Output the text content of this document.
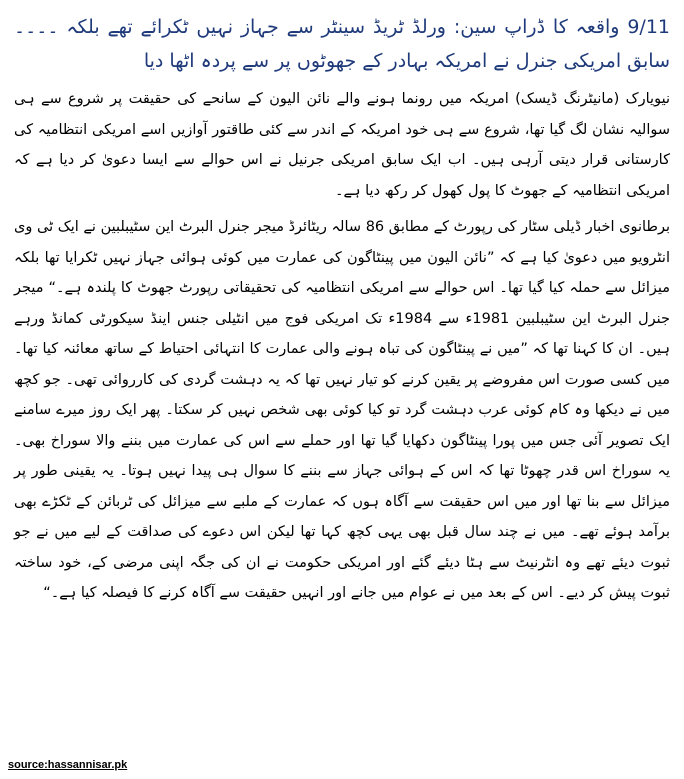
9/11 واقعہ کا ڈراپ سین: ورلڈ ٹریڈ سینٹر سے جہاز نہیں ٹکرائے تھے بلکہ ۔۔۔۔ سابق امریکی جنرل نے امریکہ بہادر کے جھوٹوں پر سے پردہ اٹھا دیا
نیویارک (مانیٹرنگ ڈیسک) امریکہ میں رونما ہونے والے نائن الیون کے سانحے کی حقیقت پر شروع سے ہی سوالیہ نشان لگ گیا تھا، شروع سے ہی خود امریکہ کے اندر سے کئی طاقتور آوازیں اسے امریکی انتظامیہ کی کارستانی قرار دیتی آرہی ہیں۔ اب ایک سابق امریکی جرنیل نے اس حوالے سے ایسا دعویٰ کر دیا ہے کہ امریکی انتظامیہ کے جھوٹ کا پول کھول کر رکھ دیا ہے۔
برطانوی اخبار ڈیلی سٹار کی رپورٹ کے مطابق 86 سالہ ریٹائرڈ میجر جنرل البرٹ این سٹیبلبین نے ایک ٹی وی انٹرویو میں دعویٰ کیا ہے کہ ”نائن الیون میں پینٹاگون کی عمارت میں کوئی ہوائی جہاز نہیں ٹکرایا تھا بلکہ میزائل سے حملہ کیا گیا تھا۔ اس حوالے سے امریکی انتظامیہ کی تحقیقاتی رپورٹ جھوٹ کا پلندہ ہے۔“ میجر جنرل البرٹ این سٹیبلبین 1981ء سے 1984ء تک امریکی فوج میں انٹیلی جنس اینڈ سیکورٹی کمانڈ ورہے ہیں۔ ان کا کہنا تھا کہ ”میں نے پینٹاگون کی تباہ ہونے والی عمارت کا انتہائی احتیاط کے ساتھ معائنہ کیا تھا۔ میں کسی صورت اس مفروضے پر یقین کرنے کو تیار نہیں تھا کہ یہ دہشت گردی کی کارروائی تھی۔ جو کچھ میں نے دیکھا وہ کام کوئی عرب دہشت گرد تو کیا کوئی بھی شخص نہیں کر سکتا۔ پھر ایک روز میرے سامنے ایک تصویر آئی جس میں پورا پینٹاگون دکھایا گیا تھا اور حملے سے اس کی عمارت میں بننے والا سوراخ بھی۔ یہ سوراخ اس قدر چھوٹا تھا کہ اس کے ہوائی جہاز سے بننے کا سوال ہی پیدا نہیں ہوتا۔ یہ یقینی طور پر میزائل سے بنا تھا اور میں اس حقیقت سے آگاہ ہوں کہ عمارت کے ملبے سے میزائل کی ٹربائن کے ٹکڑے بھی برآمد ہوئے تھے۔ میں نے چند سال قبل بھی یہی کچھ کہا تھا لیکن اس دعوے کی صداقت کے لیے میں نے جو ثبوت دیئے تھے وہ انٹرنیٹ سے ہٹا دیئے گئے اور امریکی حکومت نے ان کی جگہ اپنی مرضی کے، خود ساختہ ثبوت پیش کر دیے۔ اس کے بعد میں نے عوام میں جانے اور انہیں حقیقت سے آگاہ کرنے کا فیصلہ کیا ہے۔“
source:hassannisar.pk
